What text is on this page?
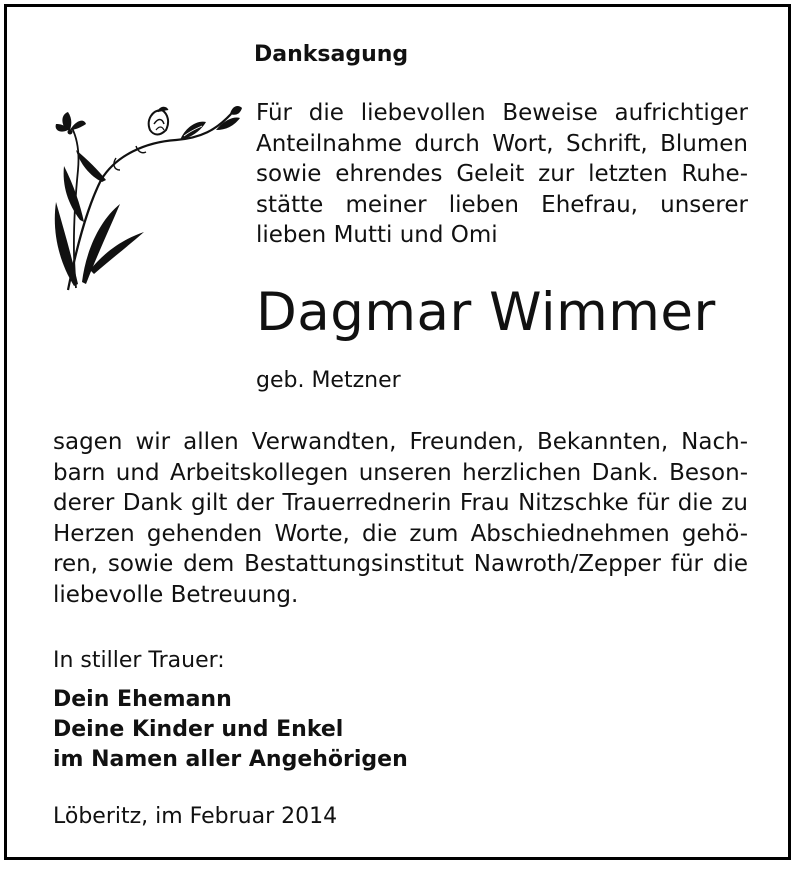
Danksagung
Für die liebevollen Beweise aufrichtiger
Anteilnahme durch Wort, Schrift, Blumen
sowie ehrendes Geleit zur letzten Ruhe-
stätte meiner lieben Ehefrau, unserer
lieben Mutti und Omi
Dagmar Wimmer
geb. Metzner
sagen wir allen Verwandten, Freunden, Bekannten, Nach-
barn und Arbeitskollegen unseren herzlichen Dank. Beson-
derer Dank gilt der Trauerrednerin Frau Nitzschke für die zu
Herzen gehenden Worte, die zum Abschiednehmen gehö-
ren, sowie dem Bestattungsinstitut Nawroth/Zepper für die
liebevolle Betreuung.
In stiller Trauer:
Dein Ehemann
Deine Kinder und Enkel
im Namen aller Angehörigen
Löberitz, im Februar 2014
